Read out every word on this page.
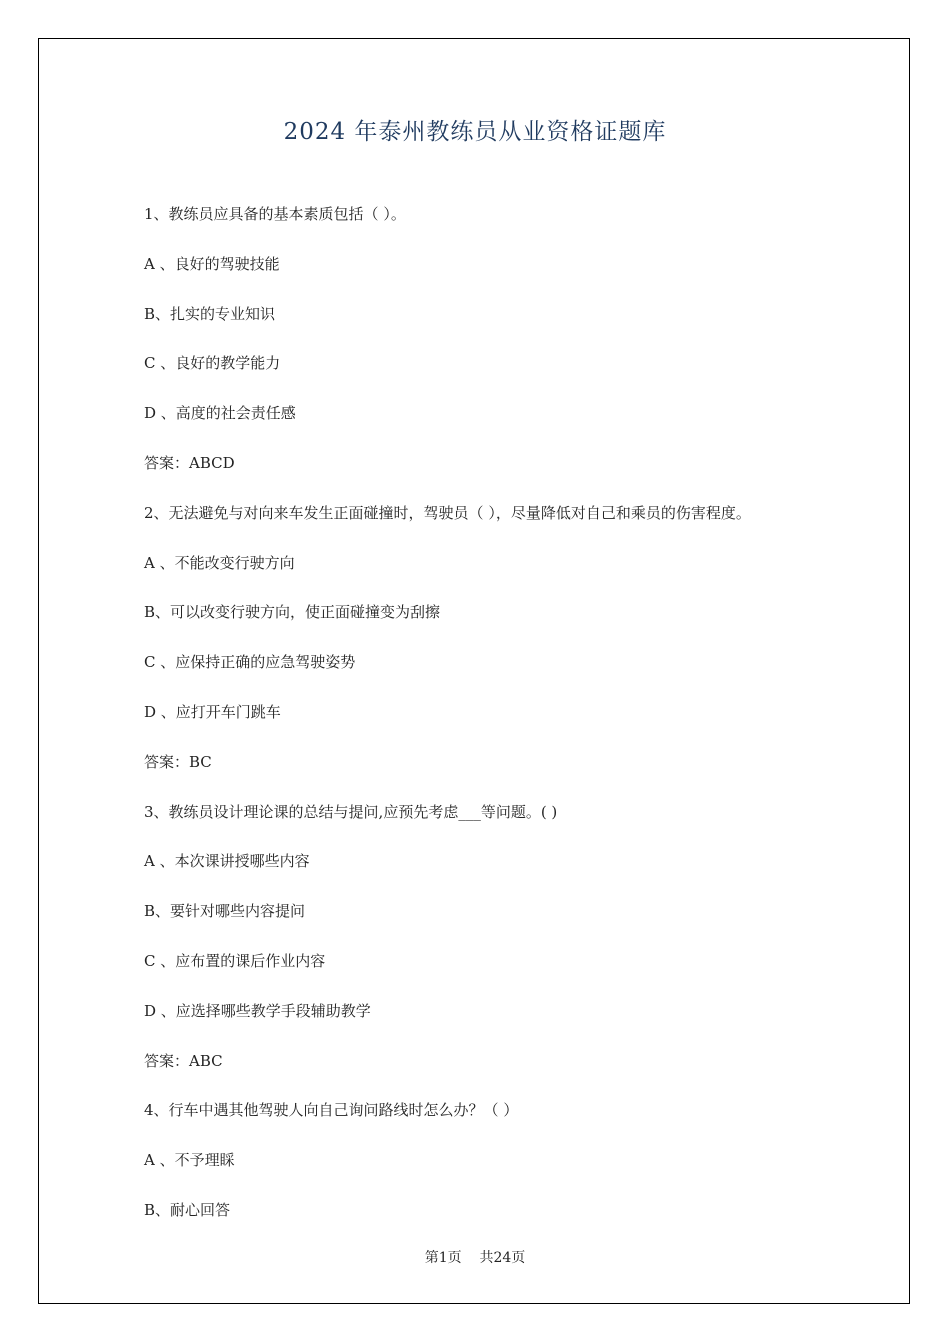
2024 年泰州教练员从业资格证题库
1、教练员应具备的基本素质包括（ ）。
A 、良好的驾驶技能
B、扎实的专业知识
C 、良好的教学能力
D 、高度的社会责任感
答案：ABCD
2、无法避免与对向来车发生正面碰撞时，驾驶员（ ），尽量降低对自己和乘员的伤害程度。
A 、不能改变行驶方向
B、可以改变行驶方向，使正面碰撞变为刮擦
C 、应保持正确的应急驾驶姿势
D 、应打开车门跳车
答案：BC
3、教练员设计理论课的总结与提问,应预先考虑___等问题。( )
A 、本次课讲授哪些内容
B、要针对哪些内容提问
C 、应布置的课后作业内容
D 、应选择哪些教学手段辅助教学
答案：ABC
4、行车中遇其他驾驶人向自己询问路线时怎么办？（ ）
A 、不予理睬
B、耐心回答
第1页    共24页
